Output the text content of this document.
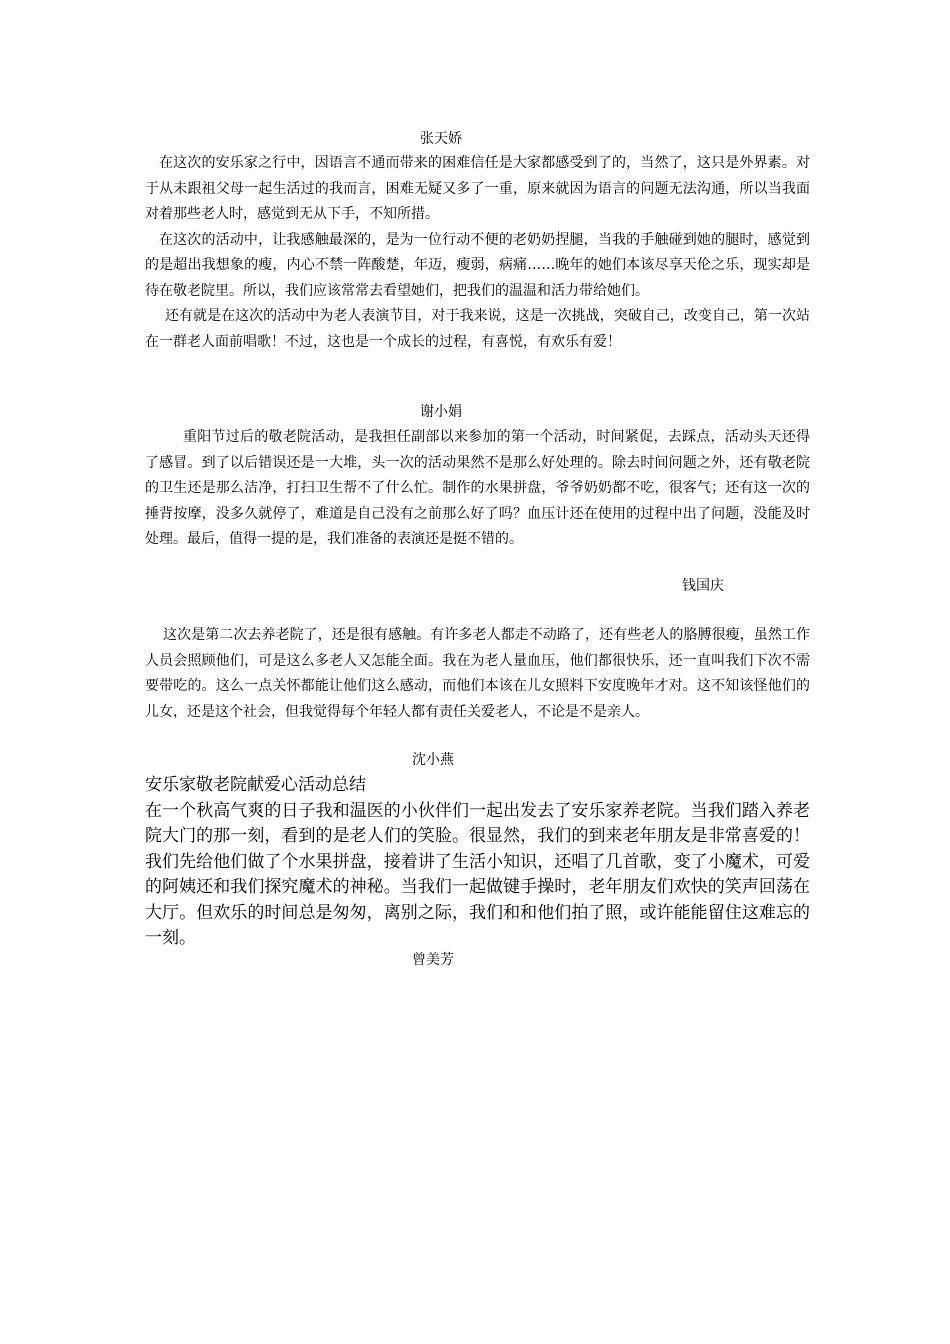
张天娇

在这次的安乐家之行中，因语言不通而带来的困难信任是大家都感受到了的，当然了，这只是外界素。对于从未跟祖父母一起生活过的我而言，困难无疑又多了一重，原来就因为语言的问题无法沟通，所以当我面对着那些老人时，感觉到无从下手，不知所措。

在这次的活动中，让我感触最深的，是为一位行动不便的老奶奶捏腿，当我的手触碰到她的腿时，感觉到的是超出我想象的瘦，内心不禁一阵酸楚，年迈，瘦弱，病痛……晚年的她们本该尽享天伦之乐，现实却是待在敬老院里。所以，我们应该常常去看望她们，把我们的温温和活力带给她们。

还有就是在这次的活动中为老人表演节目，对于我来说，这是一次挑战，突破自己，改变自己，第一次站在一群老人面前唱歌！不过，这也是一个成长的过程，有喜悦，有欢乐有爱！

谢小娟

重阳节过后的敬老院活动，是我担任副部以来参加的第一个活动，时间紧促，去踩点，活动头天还得了感冒。到了以后错误还是一大堆，头一次的活动果然不是那么好处理的。除去时间问题之外，还有敬老院的卫生还是那么洁净，打扫卫生帮不了什么忙。制作的水果拼盘，爷爷奶奶都不吃，很客气；还有这一次的捶背按摩，没多久就停了，难道是自己没有之前那么好了吗？血压计还在使用的过程中出了问题，没能及时处理。最后，值得一提的是，我们准备的表演还是挺不错的。

钱国庆

这次是第二次去养老院了，还是很有感触。有许多老人都走不动路了，还有些老人的胳膊很瘦，虽然工作人员会照顾他们，可是这么多老人又怎能全面。我在为老人量血压，他们都很快乐，还一直叫我们下次不需要带吃的。这么一点关怀都能让他们这么感动，而他们本该在儿女照料下安度晚年才对。这不知该怪他们的儿女，还是这个社会，但我觉得每个年轻人都有责任关爱老人，不论是不是亲人。

沈小燕

安乐家敬老院献爱心活动总结

在一个秋高气爽的日子我和温医的小伙伴们一起出发去了安乐家养老院。当我们踏入养老院大门的那一刻，看到的是老人们的笑脸。很显然，我们的到来老年朋友是非常喜爱的！我们先给他们做了个水果拼盘，接着讲了生活小知识，还唱了几首歌，变了小魔术，可爱的阿姨还和我们探究魔术的神秘。当我们一起做键手操时，老年朋友们欢快的笑声回荡在大厅。但欢乐的时间总是匆匆，离别之际，我们和和他们拍了照，或许能能留住这难忘的一刻。

曾美芳
